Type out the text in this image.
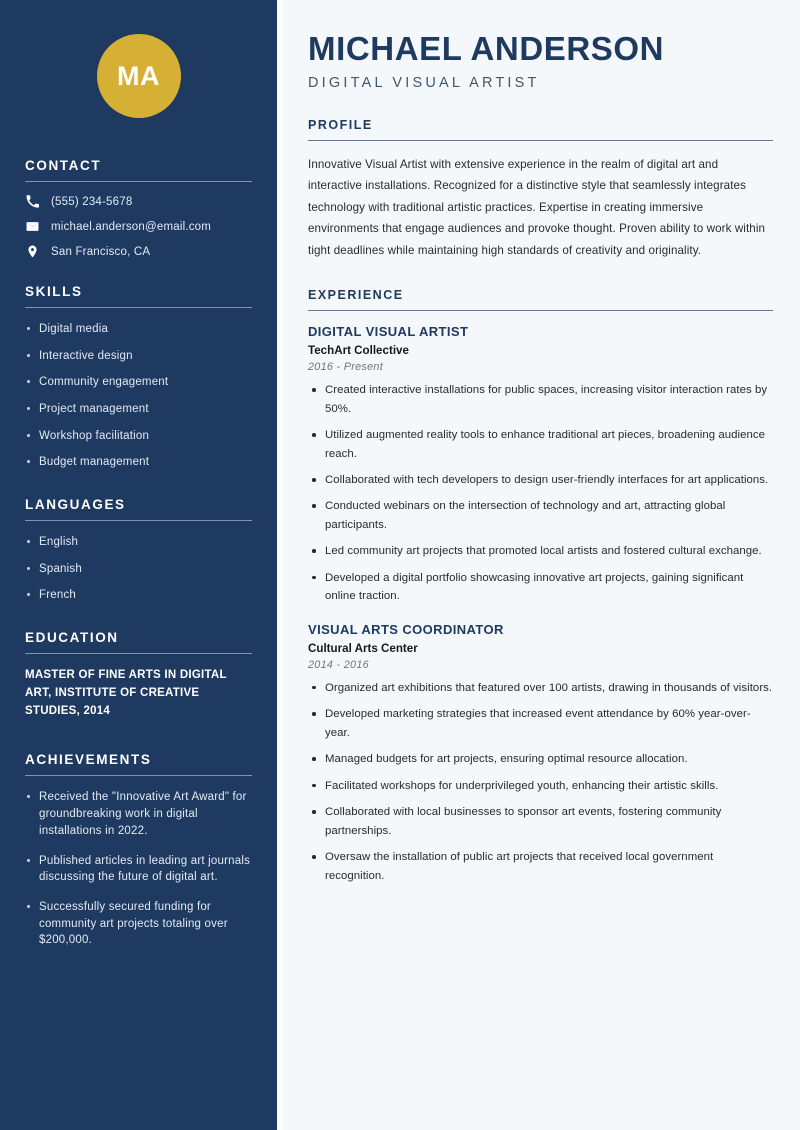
MA
CONTACT
(555) 234-5678
michael.anderson@email.com
San Francisco, CA
SKILLS
Digital media
Interactive design
Community engagement
Project management
Workshop facilitation
Budget management
LANGUAGES
English
Spanish
French
EDUCATION
MASTER OF FINE ARTS IN DIGITAL ART, INSTITUTE OF CREATIVE STUDIES, 2014
ACHIEVEMENTS
Received the "Innovative Art Award" for groundbreaking work in digital installations in 2022.
Published articles in leading art journals discussing the future of digital art.
Successfully secured funding for community art projects totaling over $200,000.
MICHAEL ANDERSON
DIGITAL VISUAL ARTIST
PROFILE

Innovative Visual Artist with extensive experience in the realm of digital art and interactive installations. Recognized for a distinctive style that seamlessly integrates technology with traditional artistic practices. Expertise in creating immersive environments that engage audiences and provoke thought. Proven ability to work within tight deadlines while maintaining high standards of creativity and originality.

EXPERIENCE
DIGITAL VISUAL ARTIST
TechArt Collective
2016 - Present
Created interactive installations for public spaces, increasing visitor interaction rates by 50%.
Utilized augmented reality tools to enhance traditional art pieces, broadening audience reach.
Collaborated with tech developers to design user-friendly interfaces for art applications.
Conducted webinars on the intersection of technology and art, attracting global participants.
Led community art projects that promoted local artists and fostered cultural exchange.
Developed a digital portfolio showcasing innovative art projects, gaining significant online traction.
VISUAL ARTS COORDINATOR
Cultural Arts Center
2014 - 2016
Organized art exhibitions that featured over 100 artists, drawing in thousands of visitors.
Developed marketing strategies that increased event attendance by 60% year-over-year.
Managed budgets for art projects, ensuring optimal resource allocation.
Facilitated workshops for underprivileged youth, enhancing their artistic skills.
Collaborated with local businesses to sponsor art events, fostering community partnerships.
Oversaw the installation of public art projects that received local government recognition.
